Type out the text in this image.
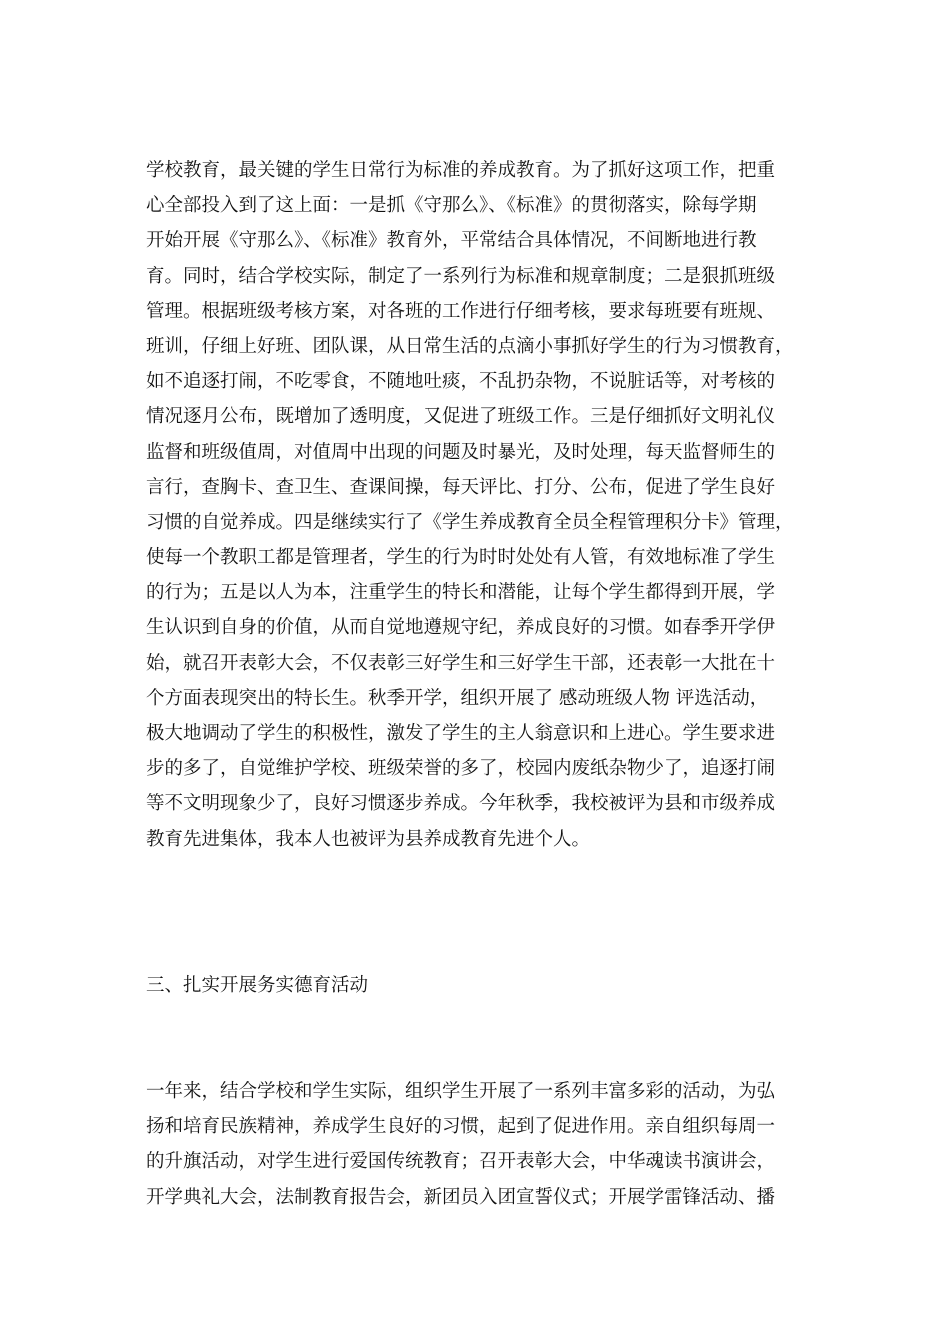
学校教育，最关键的学生日常行为标准的养成教育。为了抓好这项工作，把重
心全部投入到了这上面：一是抓《守那么》、《标准》的贯彻落实，除每学期
开始开展《守那么》、《标准》教育外，平常结合具体情况，不间断地进行教
育。同时，结合学校实际，制定了一系列行为标准和规章制度；二是狠抓班级
管理。根据班级考核方案，对各班的工作进行仔细考核，要求每班要有班规、
班训，仔细上好班、团队课，从日常生活的点滴小事抓好学生的行为习惯教育，
如不追逐打闹，不吃零食，不随地吐痰，不乱扔杂物，不说脏话等，对考核的
情况逐月公布，既增加了透明度，又促进了班级工作。三是仔细抓好文明礼仪
监督和班级值周，对值周中出现的问题及时暴光，及时处理，每天监督师生的
言行，查胸卡、查卫生、查课间操，每天评比、打分、公布，促进了学生良好
习惯的自觉养成。四是继续实行了《学生养成教育全员全程管理积分卡》管理，
使每一个教职工都是管理者，学生的行为时时处处有人管，有效地标准了学生
的行为；五是以人为本，注重学生的特长和潜能，让每个学生都得到开展，学
生认识到自身的价值，从而自觉地遵规守纪，养成良好的习惯。如春季开学伊
始，就召开表彰大会，不仅表彰三好学生和三好学生干部，还表彰一大批在十
个方面表现突出的特长生。秋季开学，组织开展了 感动班级人物 评选活动，
极大地调动了学生的积极性，激发了学生的主人翁意识和上进心。学生要求进
步的多了，自觉维护学校、班级荣誉的多了，校园内废纸杂物少了，追逐打闹
等不文明现象少了，良好习惯逐步养成。今年秋季，我校被评为县和市级养成
教育先进集体，我本人也被评为县养成教育先进个人。
三、扎实开展务实德育活动
一年来，结合学校和学生实际，组织学生开展了一系列丰富多彩的活动，为弘
扬和培育民族精神，养成学生良好的习惯，起到了促进作用。亲自组织每周一
的升旗活动，对学生进行爱国传统教育；召开表彰大会，中华魂读书演讲会，
开学典礼大会，法制教育报告会，新团员入团宣誓仪式；开展学雷锋活动、播
